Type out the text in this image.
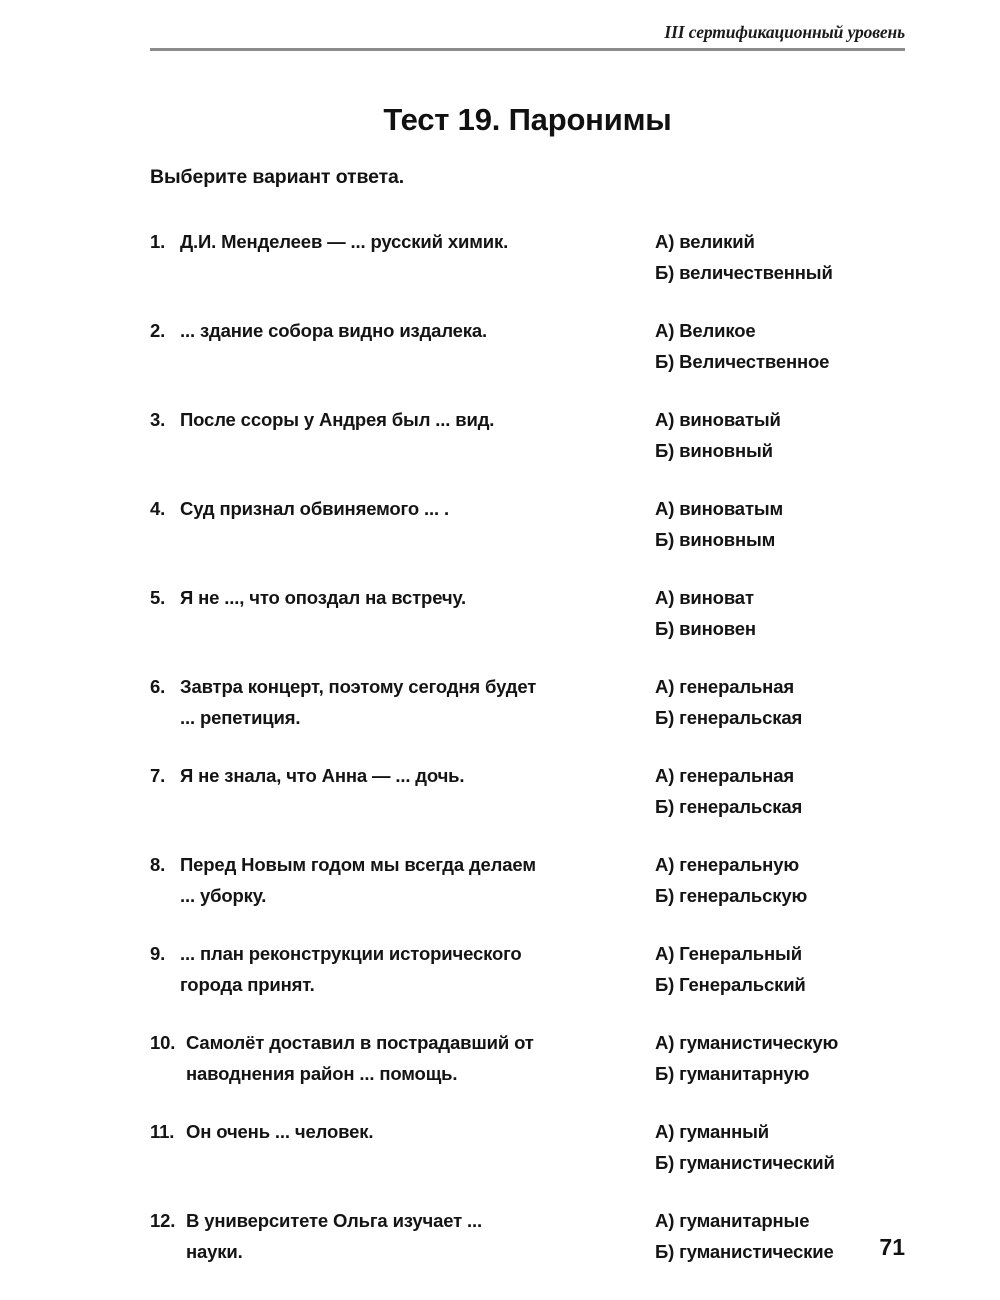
III сертификационный уровень
Тест 19. Паронимы
Выберите вариант ответа.
1. Д.И. Менделеев — ... русский химик.	А) великий
Б) величественный
2. ... здание собора видно издалека.	А) Великое
Б) Величественное
3. После ссоры у Андрея был ... вид.	А) виноватый
Б) виновный
4. Суд признал обвиняемого ... .	А) виноватым
Б) виновным
5. Я не ..., что опоздал на встречу.	А) виноват
Б) виновен
6. Завтра концерт, поэтому сегодня будет
... репетиция.
А) генеральная
Б) генеральская
7. Я не знала, что Анна — ... дочь.	А) генеральная
Б) генеральская
8. Перед Новым годом мы всегда делаем
... уборку.
А) генеральную
Б) генеральскую
9. ... план реконструкции исторического
города принят.
А) Генеральный
Б) Генеральский
10. Самолёт доставил в пострадавший от
наводнения район ... помощь.
А) гуманистическую
Б) гуманитарную
11. Он очень ... человек.	А) гуманный
Б) гуманистический
12. В университете Ольга изучает ...
науки.
А) гуманитарные
Б) гуманистические	71
